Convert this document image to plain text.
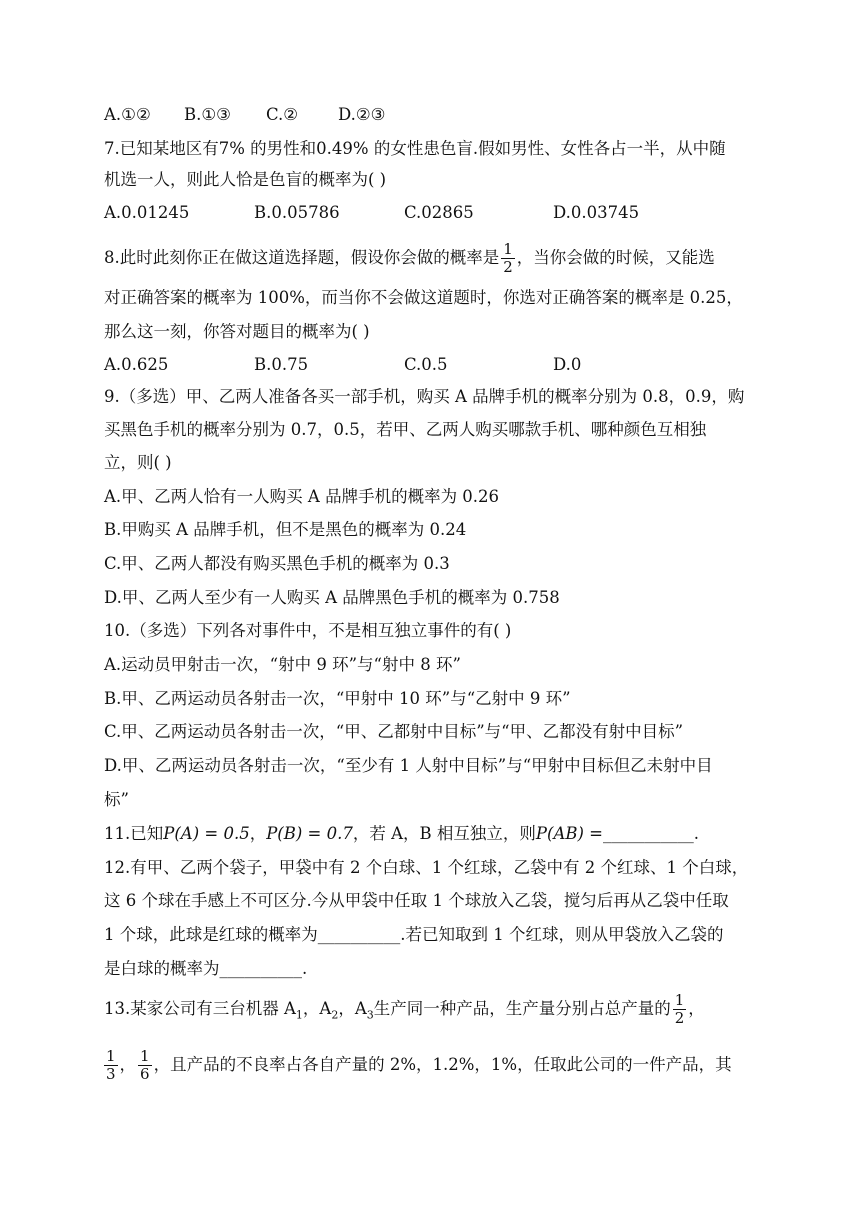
A.①② B.①③ C.② D.②③
7.已知某地区有7% 的男性和0.49% 的女性患色盲.假如男性、女性各占一半，从中随
机选一人，则此人恰是色盲的概率为( )
A.0.01245	B.0.05786	C.02865	D.0.03745
8.此时此刻你正在做这道选择题，假设你会做的概率是 $\frac{1}{2}$ ，当你会做的时候，又能选
对正确答案的概率为 100%，而当你不会做这道题时，你选对正确答案的概率是 0.25，
那么这一刻，你答对题目的概率为( )
A.0.625	B.0.75	C.0.5	D.0
9.（多选）甲、乙两人准备各买一部手机，购买 A 品牌手机的概率分别为 0.8，0.9，购
买黑色手机的概率分别为 0.7，0.5，若甲、乙两人购买哪款手机、哪种颜色互相独
立，则( )
A.甲、乙两人恰有一人购买 A 品牌手机的概率为 0.26
B.甲购买 A 品牌手机，但不是黑色的概率为 0.24
C.甲、乙两人都没有购买黑色手机的概率为 0.3
D.甲、乙两人至少有一人购买 A 品牌黑色手机的概率为 0.758
10.（多选）下列各对事件中，不是相互独立事件的有( )
A.运动员甲射击一次，“射中 9 环”与“射中 8 环”
B.甲、乙两运动员各射击一次，“甲射中 10 环”与“乙射中 9 环”
C.甲、乙两运动员各射击一次，“甲、乙都射中目标”与“甲、乙都没有射中目标”
D.甲、乙两运动员各射击一次，“至少有 1 人射中目标”与“甲射中目标但乙未射中目
标”
11.已知P(A) = 0.5，P(B) = 0.7，若 A，B 相互独立，则P(AB) =___________.
12.有甲、乙两个袋子，甲袋中有 2 个白球、1 个红球，乙袋中有 2 个红球、1 个白球，
这 6 个球在手感上不可区分.今从甲袋中任取 1 个球放入乙袋，搅匀后再从乙袋中任取
1 个球，此球是红球的概率为__________.若已知取到 1 个红球，则从甲袋放入乙袋的
是白球的概率为__________.
13.某家公司有三台机器 $A_1$，$A_2$，$A_3$生产同一种产品，生产量分别占总产量的 $\frac{1}{2}$ ，
$\frac{1}{3}$ ， $\frac{1}{6}$ ，且产品的不良率占各自产量的 2%，1.2%，1%，任取此公司的一件产品，其
